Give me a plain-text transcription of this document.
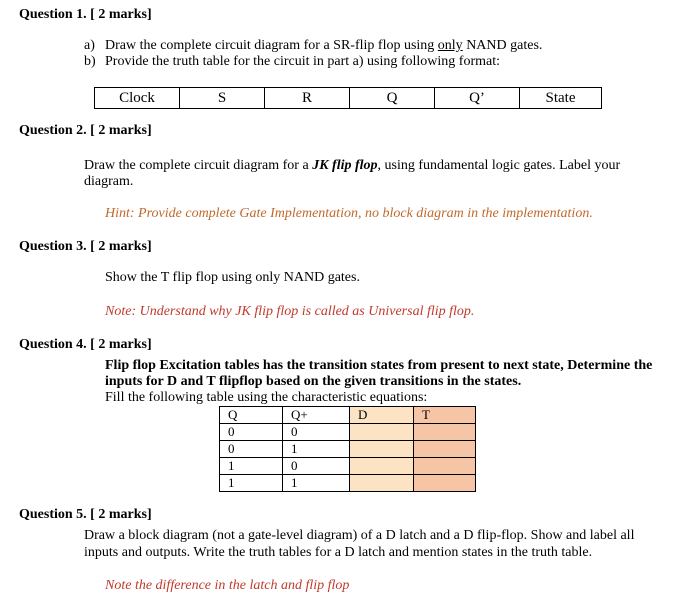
Question 1. [ 2 marks]
a) Draw the complete circuit diagram for a SR-flip flop using only NAND gates.
b) Provide the truth table for the circuit in part a) using following format:
Clock	S	R	Q	Q’	State
Question 2. [ 2 marks]
Draw the complete circuit diagram for a JK flip flop, using fundamental logic gates. Label your
diagram.
Hint: Provide complete Gate Implementation, no block diagram in the implementation.
Question 3. [ 2 marks]
Show the T flip flop using only NAND gates.
Note: Understand why JK flip flop is called as Universal flip flop.
Question 4. [ 2 marks]
Flip flop Excitation tables has the transition states from present to next state, Determine the
inputs for D and T flipflop based on the given transitions in the states.
Fill the following table using the characteristic equations:
Q	Q+	D	T
0	0		
0	1		
1	0		
1	1		
Question 5. [ 2 marks]
Draw a block diagram (not a gate-level diagram) of a D latch and a D flip-flop. Show and label all
inputs and outputs. Write the truth tables for a D latch and mention states in the truth table.
Note the difference in the latch and flip flop
